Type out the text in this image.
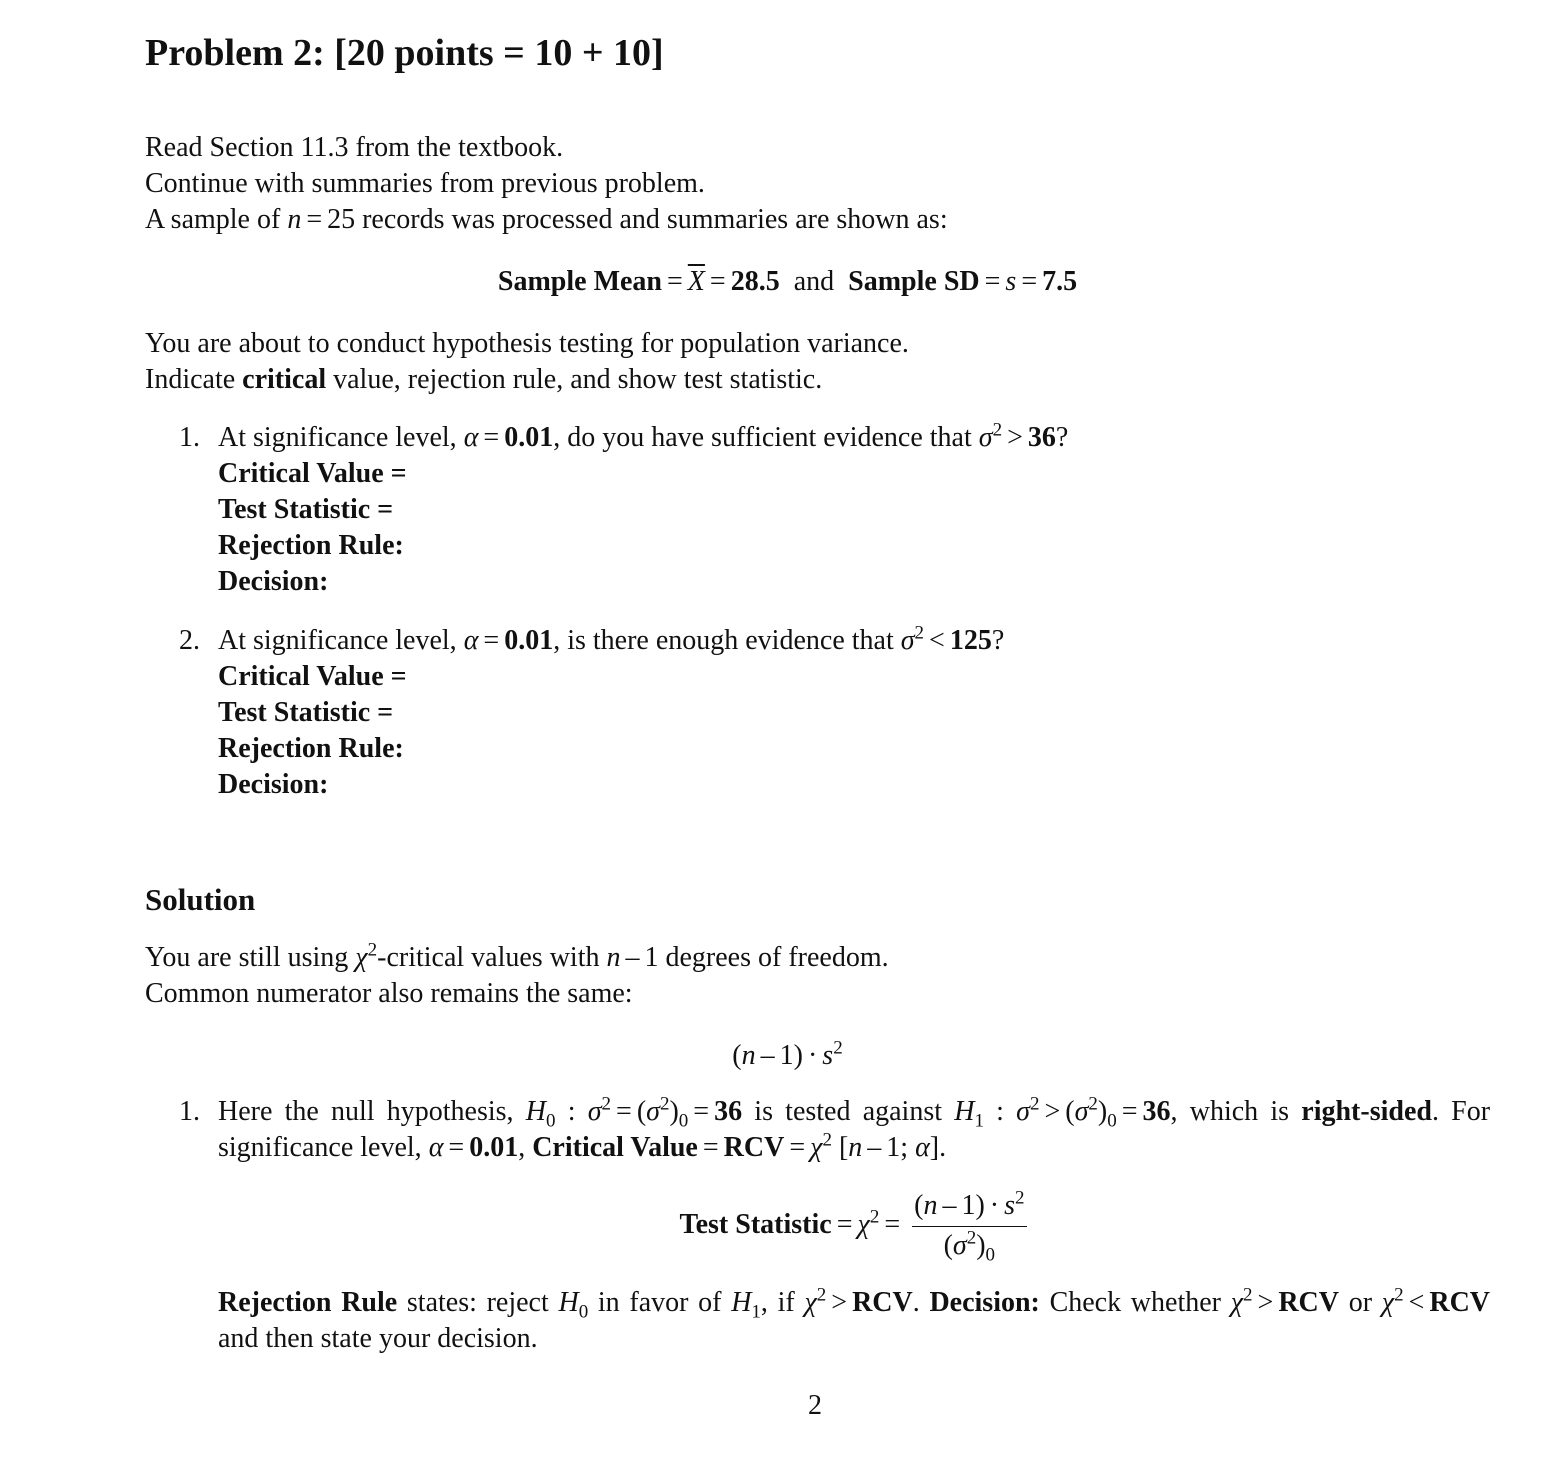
Problem 2: [20 points = 10 + 10]
Read Section 11.3 from the textbook.
Continue with summaries from previous problem.
A sample of n = 25 records was processed and summaries are shown as:
Sample Mean = $\overline{X} = 28.5$ and Sample SD = s = 7.5
You are about to conduct hypothesis testing for population variance.
Indicate critical value, rejection rule, and show test statistic.
1. At significance level, α = 0.01, do you have sufficient evidence that $\sigma^2 > 36$?
Critical Value =
Test Statistic =
Rejection Rule:
Decision:
2. At significance level, α = 0.01, is there enough evidence that $\sigma^2 < 125$?
Critical Value =
Test Statistic =
Rejection Rule:
Decision:
Solution
You are still using $\chi^2$-critical values with n – 1 degrees of freedom.
Common numerator also remains the same:
$(n - 1) \cdot s^2$
1. Here the null hypothesis, $H_0$ : $\sigma^2 = (\sigma^2)_0 = 36$ is tested against $H_1$ : $\sigma^2 > (\sigma^2)_0 = 36$, which is right-sided. For significance level, α = 0.01, Critical Value = RCV = $\chi^2$ [n – 1; α].
Test Statistic = $\chi^2 = \frac{(n - 1) \cdot s^2}{(\sigma^2)_0}$
Rejection Rule states: reject $H_0$ in favor of $H_1$, if $\chi^2$ > RCV. Decision: Check whether $\chi^2$ > RCV or $\chi^2$ < RCV and then state your decision.
2
